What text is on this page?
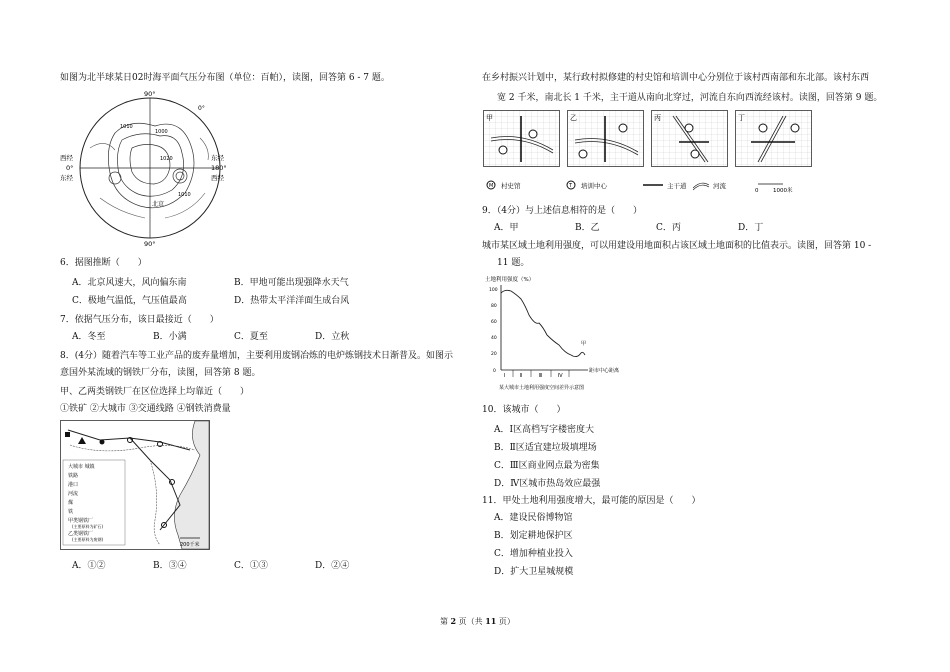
如图为北半球某日02时海平面气压分布图（单位：百帕），读图，回答第 6 - 7 题。
1000
1020
1010
1010
0°
北京
90°
90°
西经
0°
东经
东经
180°
西经
6．据图推断（　　）
A．北京风速大，风向偏东南	B．甲地可能出现强降水天气
C．极地气温低，气压值最高	D．热带太平洋洋面生成台风
7．依据气压分布，该日最接近（　　）
A．冬至	B．小满	C．夏至	D．立秋
8．(4分）随着汽车等工业产品的废弃量增加，主要利用废钢冶炼的电炉炼钢技术日渐普及。如图示
意国外某流域的钢铁厂分布，读图，回答第 8 题。
甲、乙两类钢铁厂在区位选择上均靠近（　　）
①铁矿 ②大城市 ③交通线路 ④钢铁消费量
大城市 城镇
铁路
港口
河流
煤
铁
甲类钢铁厂
(主要原料为矿石)
乙类钢铁厂
(主要原料为废钢)
200千米
A．①②	B．③④	C．①③	D．②④
在乡村振兴计划中，某行政村拟修建的村史馆和培训中心分别位于该村西南部和东北部。该村东西
宽 2 千米，南北长 1 千米，主干道从南向北穿过，河流自东向西流经该村。读图，回答第 9 题。
甲	乙	丙	丁
M 村史馆	T 培训中心	主干道	河流
0	1000米
9．（4分）与上述信息相符的是（　　）
A．甲	B．乙	C．丙	D．丁
城市某区域土地利用强度，可以用建设用地面积占该区域土地面积的比值表示。读图，回答第 10 -
11 题。
土地利用强度（%）
100
80
60
40
20
0
Ⅰ	Ⅱ	Ⅲ	Ⅳ
甲
距市中心距离
某大城市土地利用强度空间差异示意图
10．该城市（　　）
A．Ⅰ区高档写字楼密度大
B．Ⅱ区适宜建垃圾填埋场
C．Ⅲ区商业网点最为密集
D．Ⅳ区城市热岛效应最强
11．甲处土地利用强度增大，最可能的原因是（　　）
A．建设民俗博物馆
B．划定耕地保护区
C．增加种植业投入
D．扩大卫星城规模
第 2 页（共 11 页）
